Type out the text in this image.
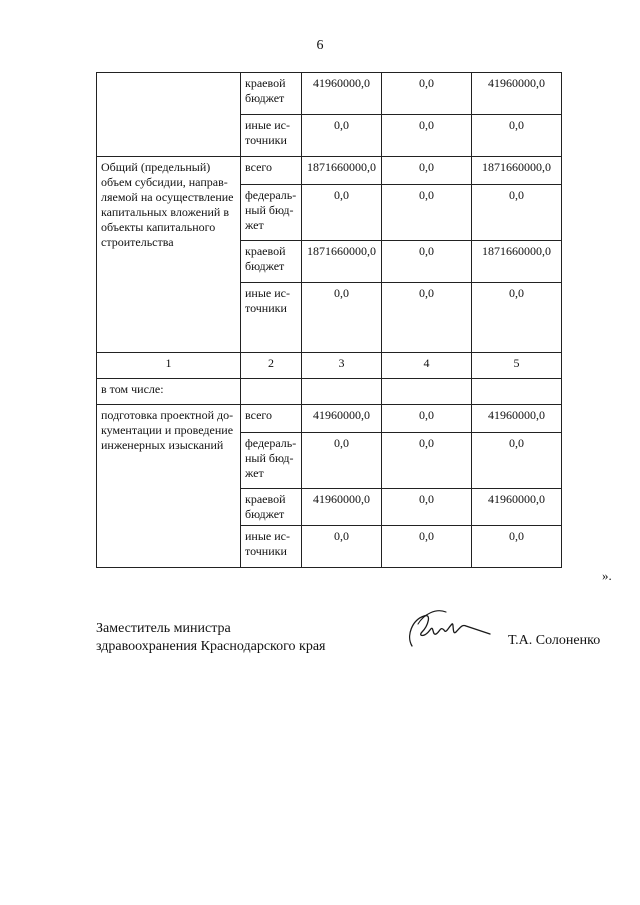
6
	краевой бюджет	41960000,0	0,0	41960000,0
	иные ис-точники	0,0	0,0	0,0
Общий (предельный) объем субсидии, направ-ляемой на осуществление капитальных вложений в объекты капитального строительства	всего	1871660000,0	0,0	1871660000,0
	федераль-ный бюд-жет	0,0	0,0	0,0
	краевой бюджет	1871660000,0	0,0	1871660000,0
	иные ис-точники	0,0	0,0	0,0
1	2	3	4	5
в том числе:				
подготовка проектной до-кументации и проведение инженерных изысканий	всего	41960000,0	0,0	41960000,0
	федераль-ный бюд-жет	0,0	0,0	0,0
	краевой бюджет	41960000,0	0,0	41960000,0
	иные ис-точники	0,0	0,0	0,0
».
Заместитель министра
здравоохранения Краснодарского края	Т.А. Солоненко
